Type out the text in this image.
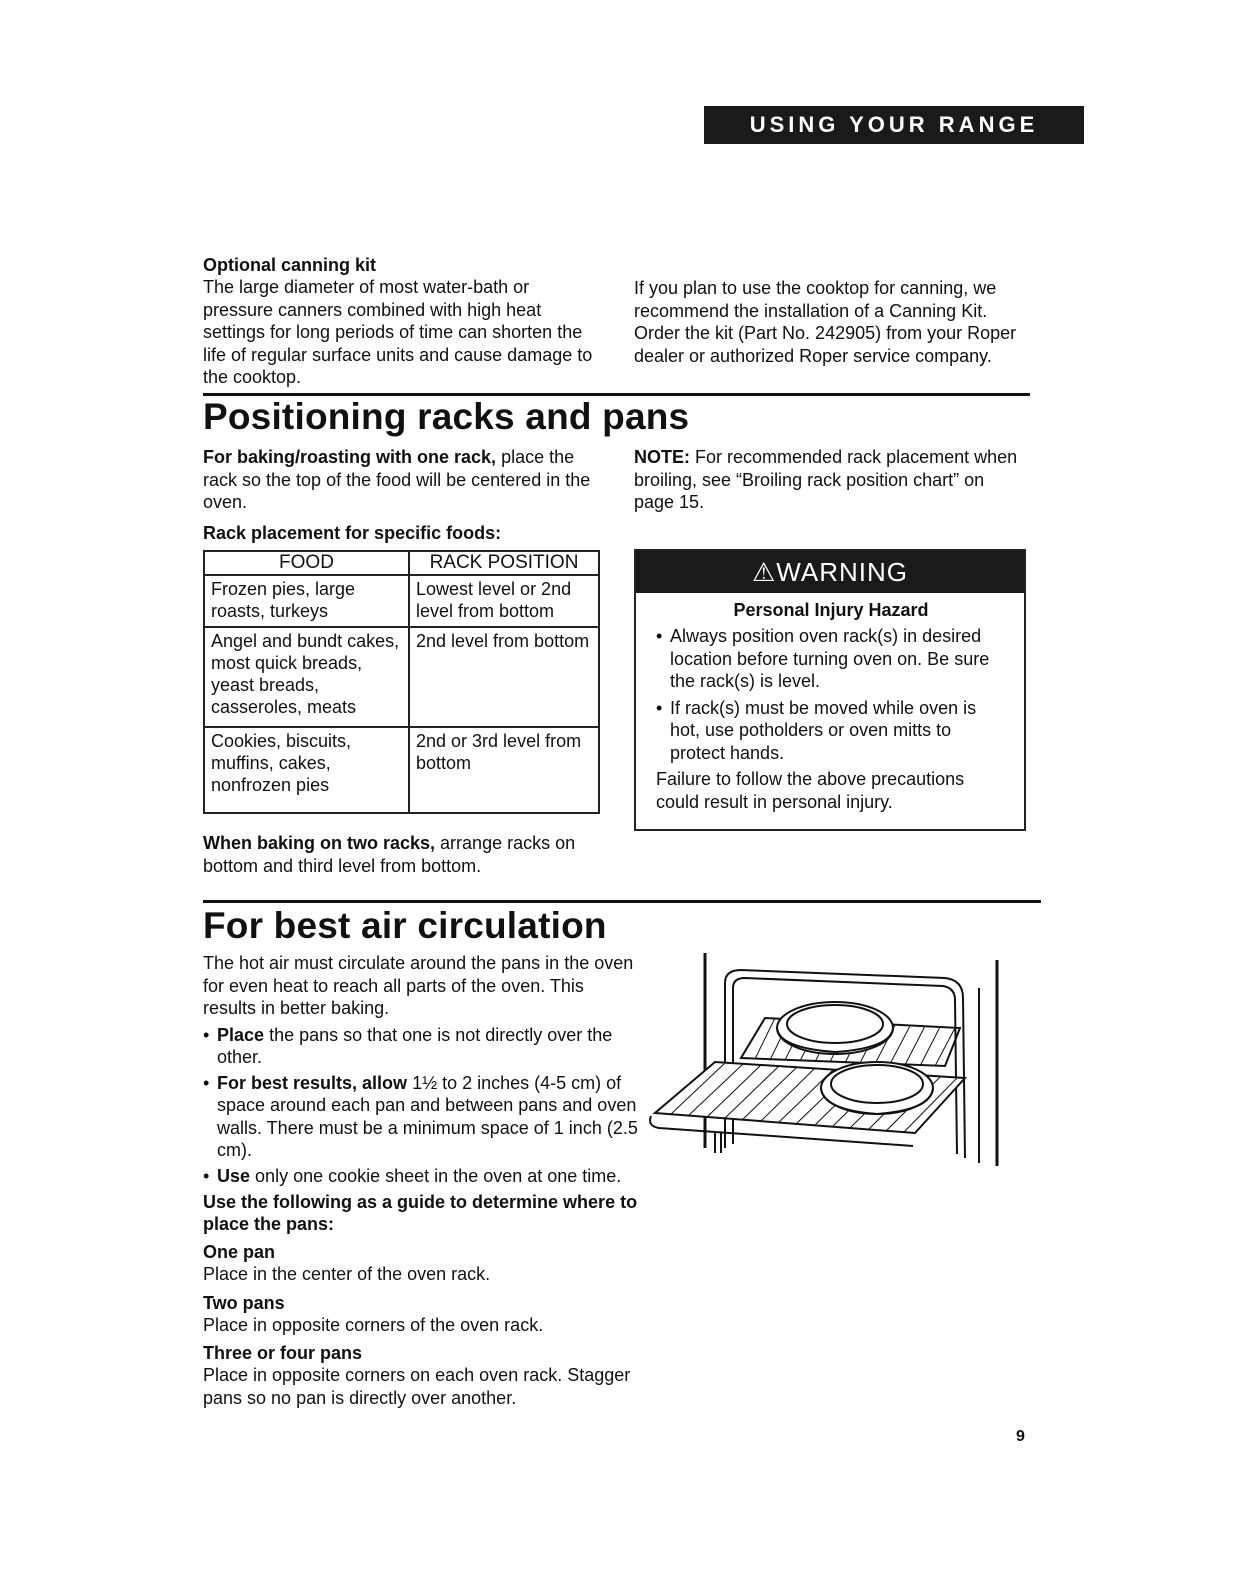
USING YOUR RANGE

Optional canning kit

The large diameter of most water-bath or pressure canners combined with high heat settings for long periods of time can shorten the life of regular surface units and cause damage to the cooktop.

If you plan to use the cooktop for canning, we recommend the installation of a Canning Kit. Order the kit (Part No. 242905) from your Roper dealer or authorized Roper service company.

Positioning racks and pans

For baking/roasting with one rack, place the rack so the top of the food will be centered in the oven.

Rack placement for specific foods:

NOTE: For recommended rack placement when broiling, see “Broiling rack position chart” on page 15.

FOOD	RACK POSITION
Frozen pies, large roasts, turkeys	Lowest level or 2nd level from bottom
Angel and bundt cakes, most quick breads, yeast breads, casseroles, meats	2nd level from bottom
Cookies, biscuits, muffins, cakes, nonfrozen pies	2nd or 3rd level from bottom

When baking on two racks, arrange racks on bottom and third level from bottom.

⚠WARNING

Personal Injury Hazard

• Always position oven rack(s) in desired location before turning oven on. Be sure the rack(s) is level.
• If rack(s) must be moved while oven is hot, use potholders or oven mitts to protect hands.

Failure to follow the above precautions could result in personal injury.

For best air circulation

The hot air must circulate around the pans in the oven for even heat to reach all parts of the oven. This results in better baking.

• Place the pans so that one is not directly over the other.
• For best results, allow 1½ to 2 inches (4-5 cm) of space around each pan and between pans and oven walls. There must be a minimum space of 1 inch (2.5 cm).
• Use only one cookie sheet in the oven at one time.

Use the following as a guide to determine where to place the pans:

One pan

Place in the center of the oven rack.

Two pans

Place in opposite corners of the oven rack.

Three or four pans

Place in opposite corners on each oven rack. Stagger pans so no pan is directly over another.

9
